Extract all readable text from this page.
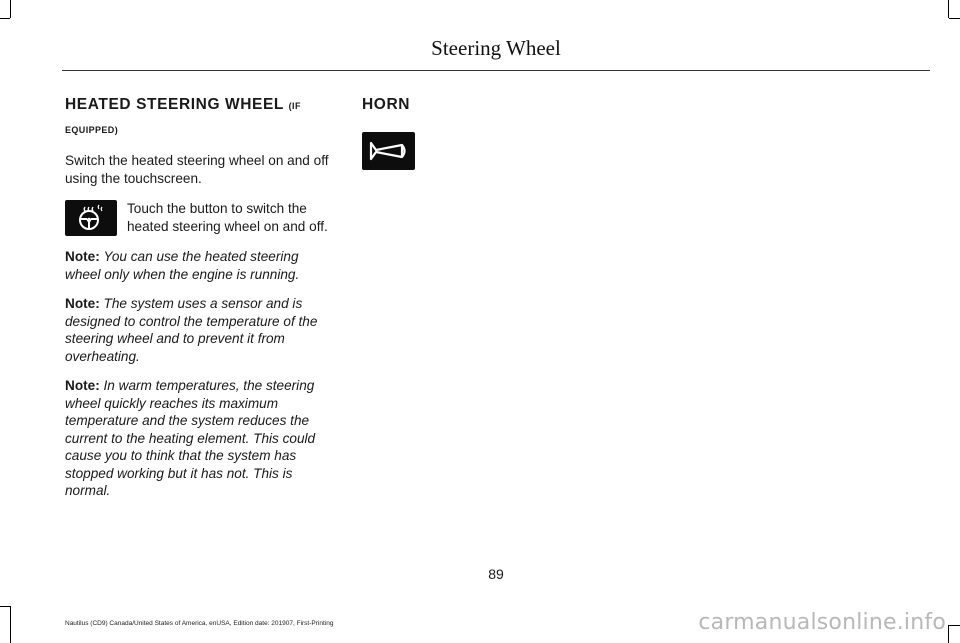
Steering Wheel
HEATED STEERING WHEEL (IF
EQUIPPED)

Switch the heated steering wheel on and off using the touchscreen.

Touch the button to switch the heated steering wheel on and off.
Note: You can use the heated steering wheel only when the engine is running.
Note: The system uses a sensor and is designed to control the temperature of the steering wheel and to prevent it from overheating.
Note: In warm temperatures, the steering wheel quickly reaches its maximum temperature and the system reduces the current to the heating element. This could cause you to think that the system has stopped working but it has not. This is normal.
HORN
89
Nautilus (CD9) Canada/United States of America, enUSA, Edition date: 201907, First-Printing	carmanualsonline.info
